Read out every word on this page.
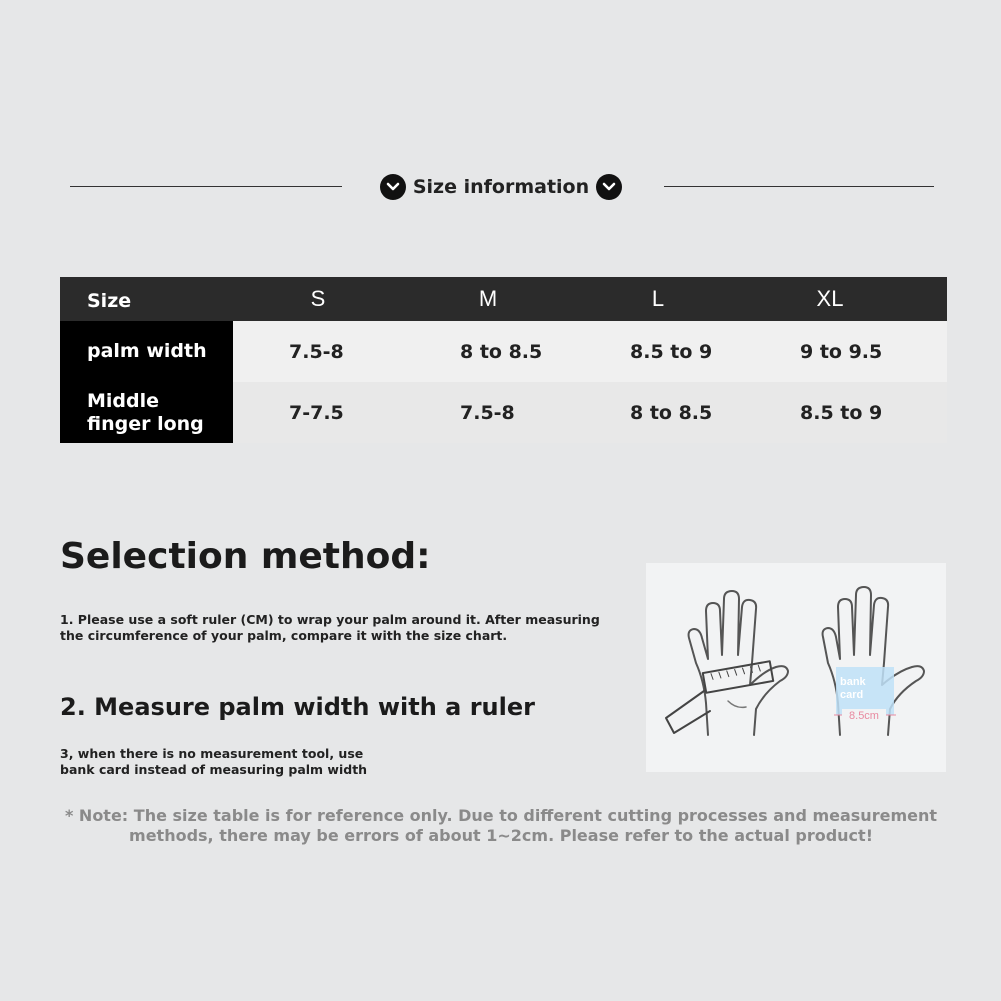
Size information
Size	S	M	L	XL
palm width	7.5-8	8 to 8.5	8.5 to 9	9 to 9.5
Middle
finger long	7-7.5	7.5-8	8 to 8.5	8.5 to 9
Selection method:
1. Please use a soft ruler (CM) to wrap your palm around it. After measuring the circumference of your palm, compare it with the size chart.
2. Measure palm width with a ruler
3, when there is no measurement tool, use bank card instead of measuring palm width
bank
card
8.5cm
* Note: The size table is for reference only. Due to different cutting processes and measurement
methods, there may be errors of about 1~2cm. Please refer to the actual product!
